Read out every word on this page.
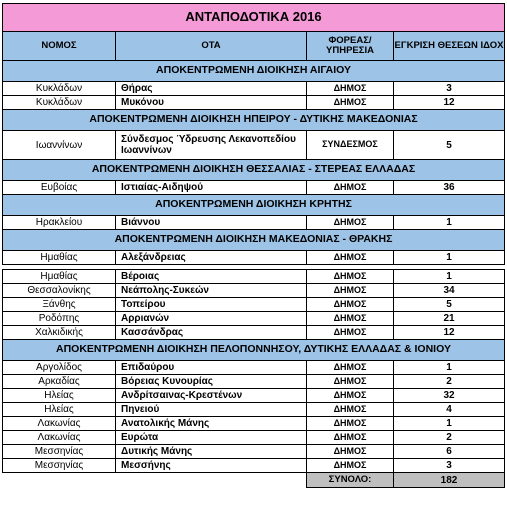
ΑΝΤΑΠΟΔΟΤΙΚΑ 2016			
ΝΟΜΟΣ	ΟΤΑ	ΦΟΡΕΑΣ/ ΥΠΗΡΕΣΙΑ	ΕΓΚΡΙΣΗ ΘΕΣΕΩΝ ΙΔΟΧ
ΑΠΟΚΕΝΤΡΩΜΕΝΗ ΔΙΟΙΚΗΣΗ ΑΙΓΑΙΟΥ			
Κυκλάδων	Θήρας	ΔΗΜΟΣ	3
Κυκλάδων	Μυκόνου	ΔΗΜΟΣ	12
ΑΠΟΚΕΝΤΡΩΜΕΝΗ ΔΙΟΙΚΗΣΗ ΗΠΕΙΡΟΥ - ΔΥΤΙΚΗΣ ΜΑΚΕΔΟΝΙΑΣ			
Ιωαννίνων	Σύνδεσμος Ύδρευσης Λεκανοπεδίου Ιωαννίνων	ΣΥΝΔΕΣΜΟΣ	5
ΑΠΟΚΕΝΤΡΩΜΕΝΗ ΔΙΟΙΚΗΣΗ ΘΕΣΣΑΛΙΑΣ - ΣΤΕΡΕΑΣ ΕΛΛΑΔΑΣ			
Ευβοίας	Ιστιαίας-Αιδηψού	ΔΗΜΟΣ	36
ΑΠΟΚΕΝΤΡΩΜΕΝΗ ΔΙΟΙΚΗΣΗ ΚΡΗΤΗΣ			
Ηρακλείου	Βιάννου	ΔΗΜΟΣ	1
ΑΠΟΚΕΝΤΡΩΜΕΝΗ ΔΙΟΙΚΗΣΗ ΜΑΚΕΔΟΝΙΑΣ - ΘΡΑΚΗΣ			
Ημαθίας	Αλεξάνδρειας	ΔΗΜΟΣ	1

Ημαθίας	Βέροιας	ΔΗΜΟΣ	1
Θεσσαλονίκης	Νεάπολης-Συκεών	ΔΗΜΟΣ	34
Ξάνθης	Τοπείρου	ΔΗΜΟΣ	5
Ροδόπης	Αρριανών	ΔΗΜΟΣ	21
Χαλκιδικής	Κασσάνδρας	ΔΗΜΟΣ	12
ΑΠΟΚΕΝΤΡΩΜΕΝΗ ΔΙΟΙΚΗΣΗ ΠΕΛΟΠΟΝΝΗΣΟΥ, ΔΥΤΙΚΗΣ ΕΛΛΑΔΑΣ & ΙΟΝΙΟΥ			
Αργολίδος	Επιδαύρου	ΔΗΜΟΣ	1
Αρκαδίας	Βόρειας Κυνουρίας	ΔΗΜΟΣ	2
Ηλείας	Ανδρίτσαινας-Κρεστένων	ΔΗΜΟΣ	32
Ηλείας	Πηνειού	ΔΗΜΟΣ	4
Λακωνίας	Ανατολικής Μάνης	ΔΗΜΟΣ	1
Λακωνίας	Ευρώτα	ΔΗΜΟΣ	2
Μεσσηνίας	Δυτικής Μάνης	ΔΗΜΟΣ	6
Μεσσηνίας	Μεσσήνης	ΔΗΜΟΣ	3
		ΣΥΝΟΛΟ:	182
